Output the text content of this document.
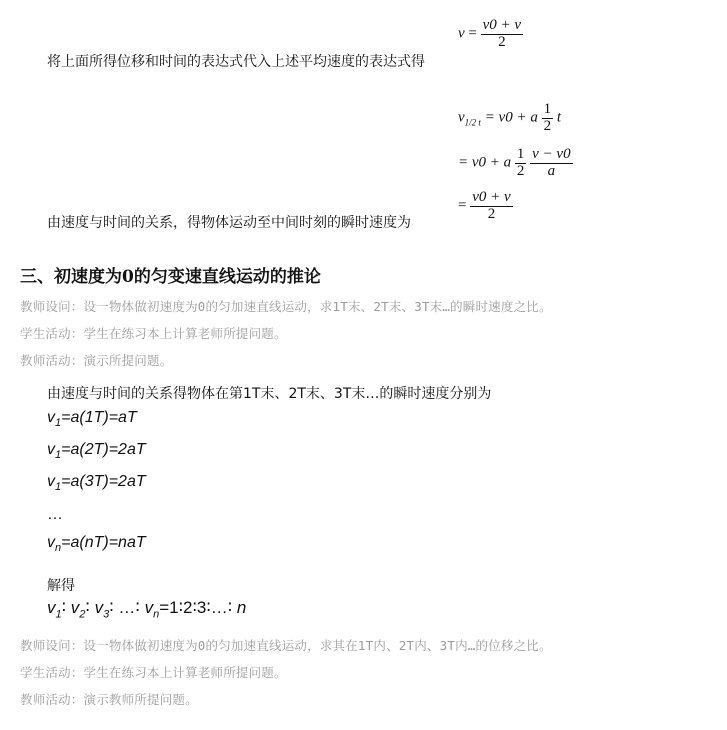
将上面所得位移和时间的表达式代入上述平均速度的表达式得
$v = \frac{v0 + v}{2}$
$v_{1/2 t} = v0 + a \frac{1}{2}$ t
= v0 + a $\frac{1}{2}$
$\frac{v - v0}{a}$
= $\frac{v0 + v}{2}$
由速度与时间的关系，得物体运动至中间时刻的瞬时速度为
三、初速度为0的匀变速直线运动的推论
教师设问：设一物体做初速度为0的匀加速直线运动，求1T末、2T末、3T末…的瞬时速度之比。
学生活动：学生在练习本上计算老师所提问题。
教师活动：演示所提问题。
由速度与时间的关系得物体在第1T末、2T末、3T末…的瞬时速度分别为
$v_1=a(1T)=aT$
$v_1=a(2T)=2aT$
$v_1=a(3T)=2aT$
…
$v_n=a(nT)=naT$
解得
$v_1∶$ $v_2∶$ $v_3∶$ …∶ $v_n=1∶2∶3∶\dots∶$ n
教师设问：设一物体做初速度为0的匀加速直线运动，求其在1T内、2T内、3T内…的位移之比。
学生活动：学生在练习本上计算老师所提问题。
教师活动：演示教师所提问题。
